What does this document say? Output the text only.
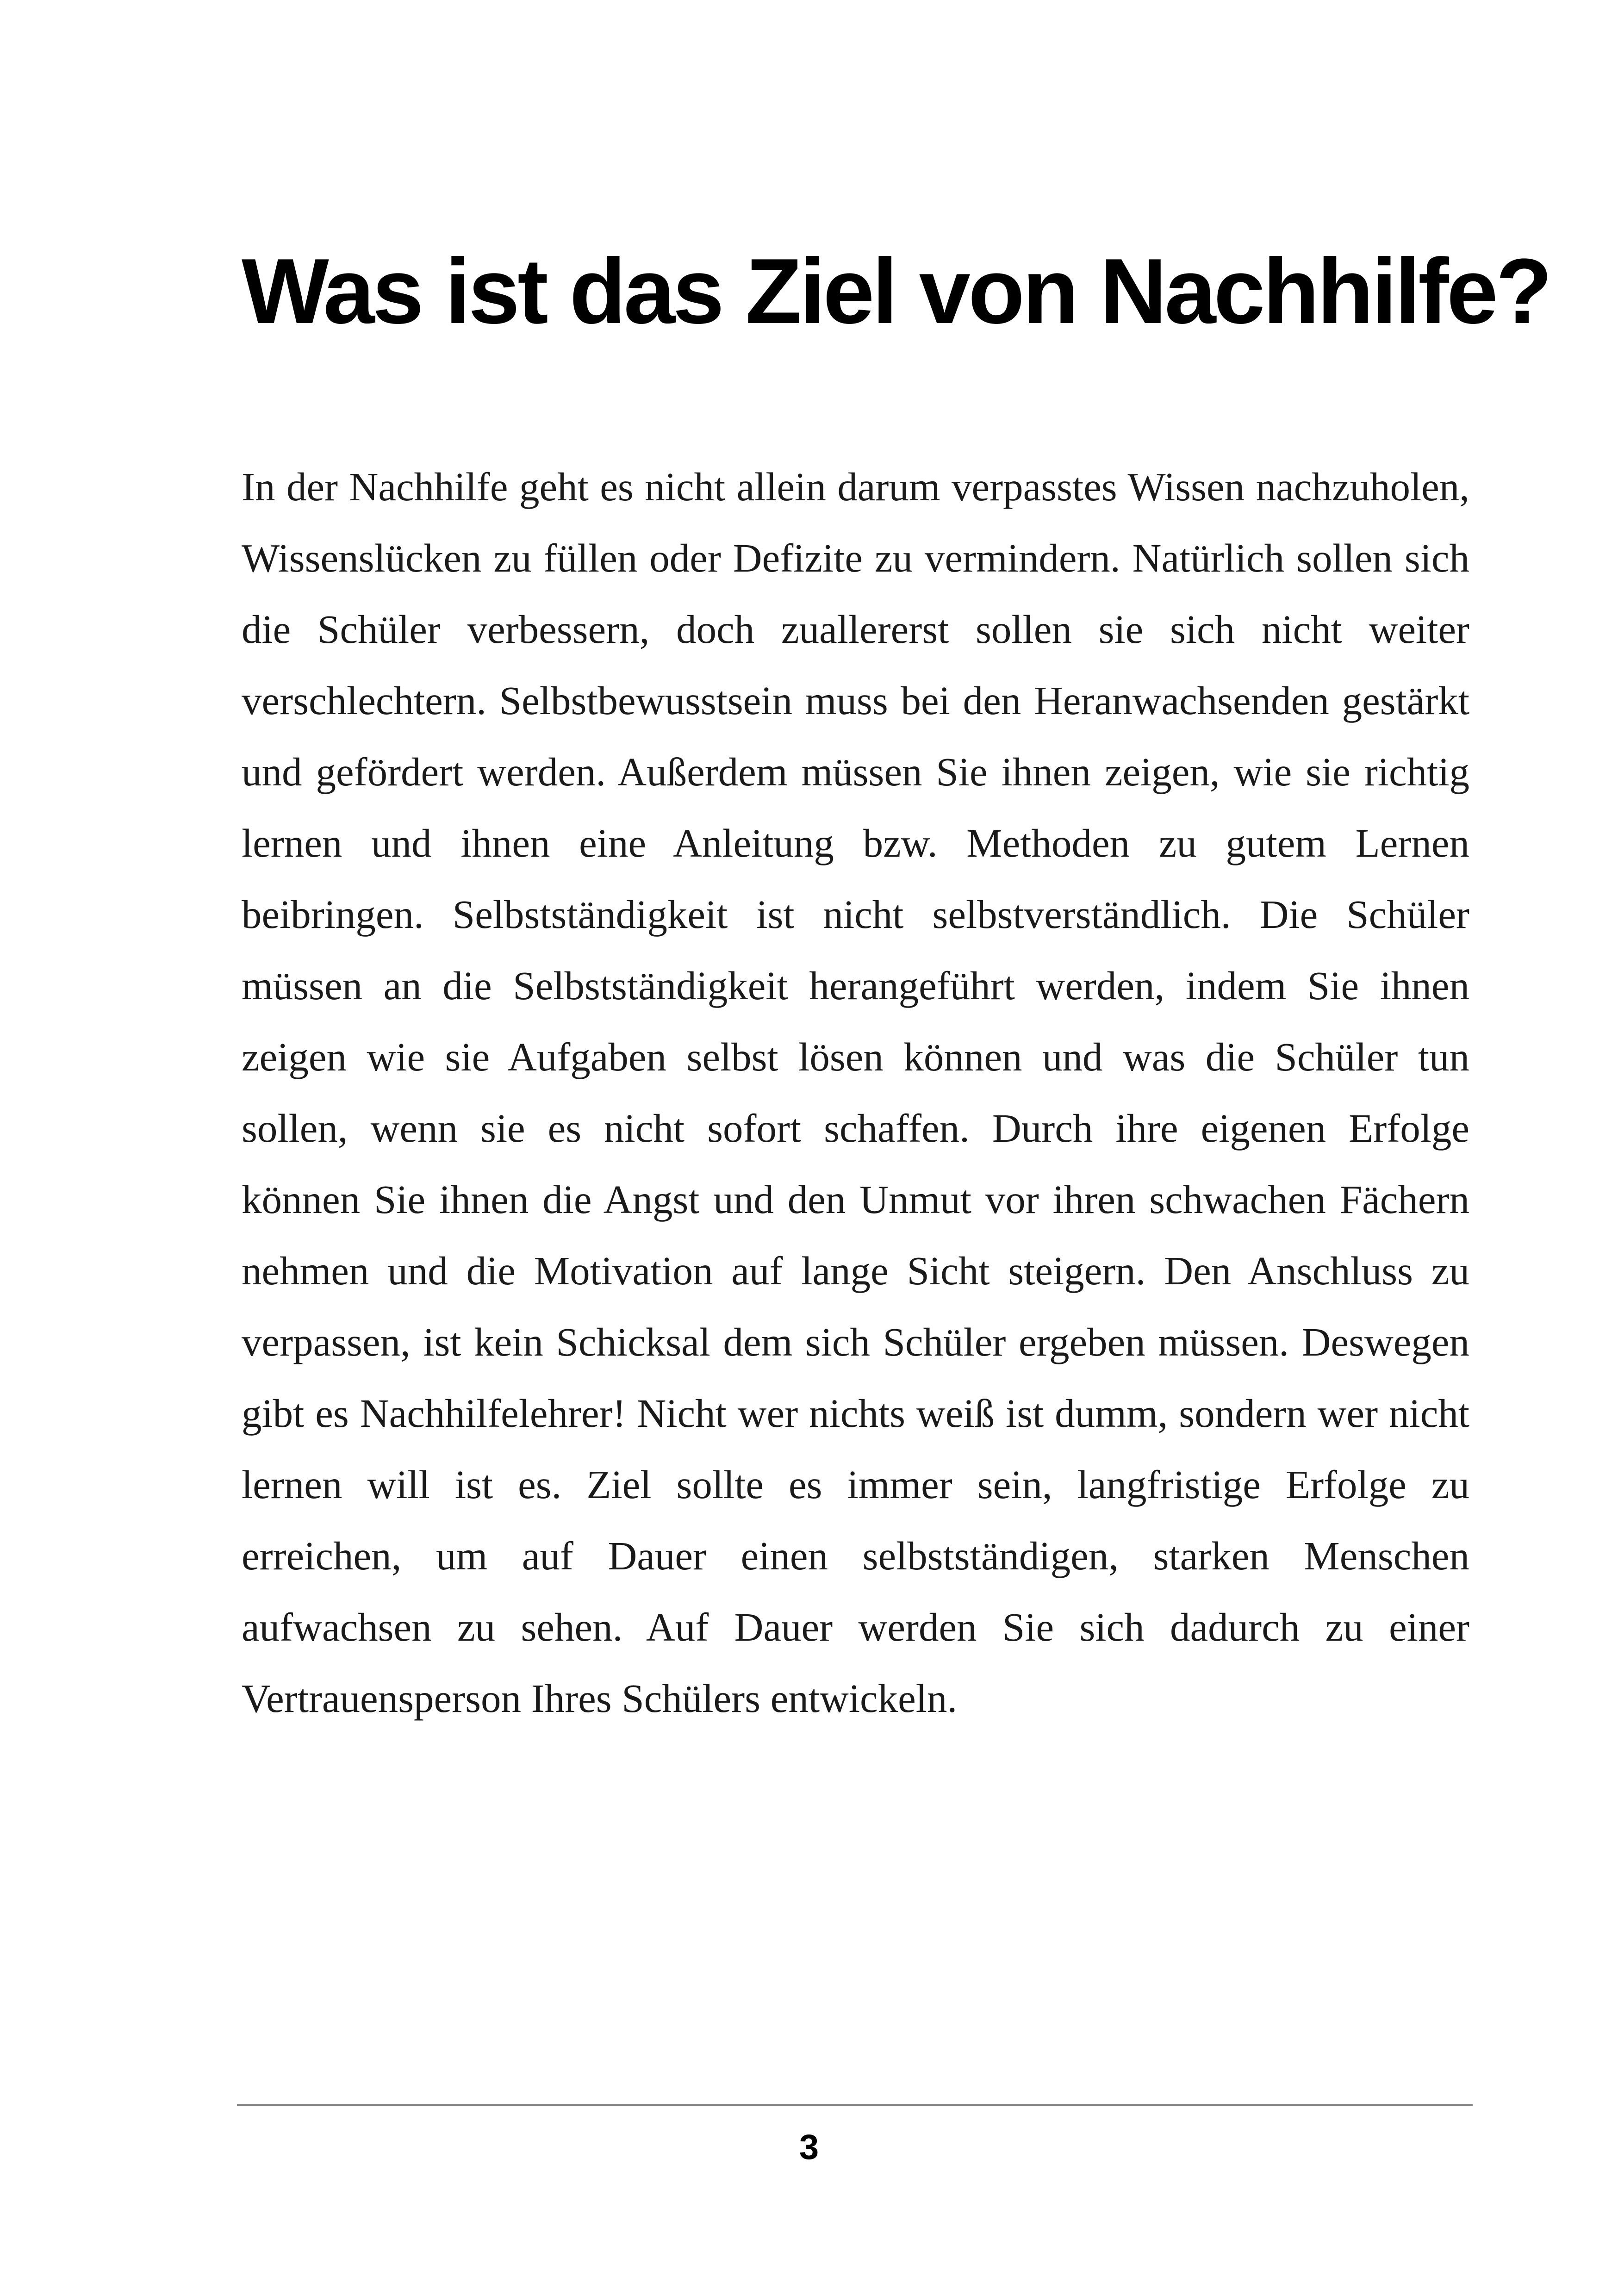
Was ist das Ziel von Nachhilfe?

In der Nachhilfe geht es nicht allein darum verpasstes Wissen nachzuholen, Wissenslücken zu füllen oder Defizite zu vermindern. Natürlich sollen sich die Schüler verbessern, doch zuallererst sollen sie sich nicht weiter verschlechtern. Selbstbewusstsein muss bei den Heranwachsenden gestärkt und gefördert werden. Außerdem müssen Sie ihnen zeigen, wie sie richtig lernen und ihnen eine Anleitung bzw. Methoden zu gutem Lernen beibringen. Selbstständigkeit ist nicht selbstverständlich. Die Schüler müssen an die Selbstständigkeit herangeführt werden, indem Sie ihnen zeigen wie sie Aufgaben selbst lösen können und was die Schüler tun sollen, wenn sie es nicht sofort schaffen. Durch ihre eigenen Erfolge können Sie ihnen die Angst und den Unmut vor ihren schwachen Fächern nehmen und die Motivation auf lange Sicht steigern. Den Anschluss zu verpassen, ist kein Schicksal dem sich Schüler ergeben müssen. Deswegen gibt es Nachhilfelehrer! Nicht wer nichts weiß ist dumm, sondern wer nicht lernen will ist es. Ziel sollte es immer sein, langfristige Erfolge zu erreichen, um auf Dauer einen selbstständigen, starken Menschen aufwachsen zu sehen. Auf Dauer werden Sie sich dadurch zu einer Vertrauensperson Ihres Schülers entwickeln.

3
